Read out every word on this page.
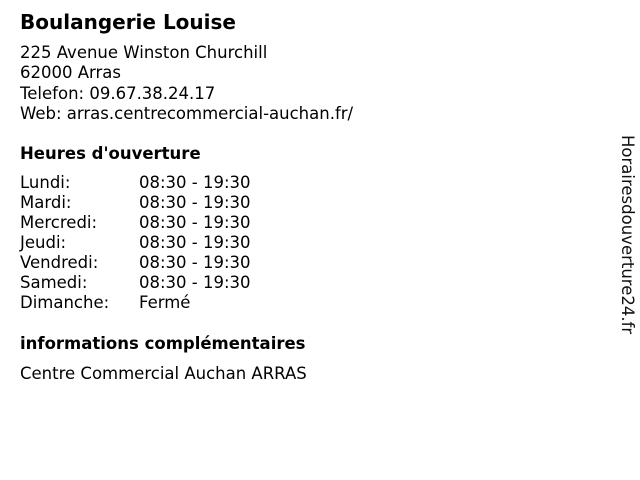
Boulangerie Louise
225 Avenue Winston Churchill
62000 Arras
Telefon: 09.67.38.24.17
Web: arras.centrecommercial-auchan.fr/
Heures d'ouverture
Lundi:	08:30 - 19:30
Mardi:	08:30 - 19:30
Mercredi:	08:30 - 19:30
Jeudi:	08:30 - 19:30
Vendredi:	08:30 - 19:30
Samedi:	08:30 - 19:30
Dimanche:	Fermé
informations complémentaires
Centre Commercial Auchan ARRAS
Horairesdouverture24.fr
